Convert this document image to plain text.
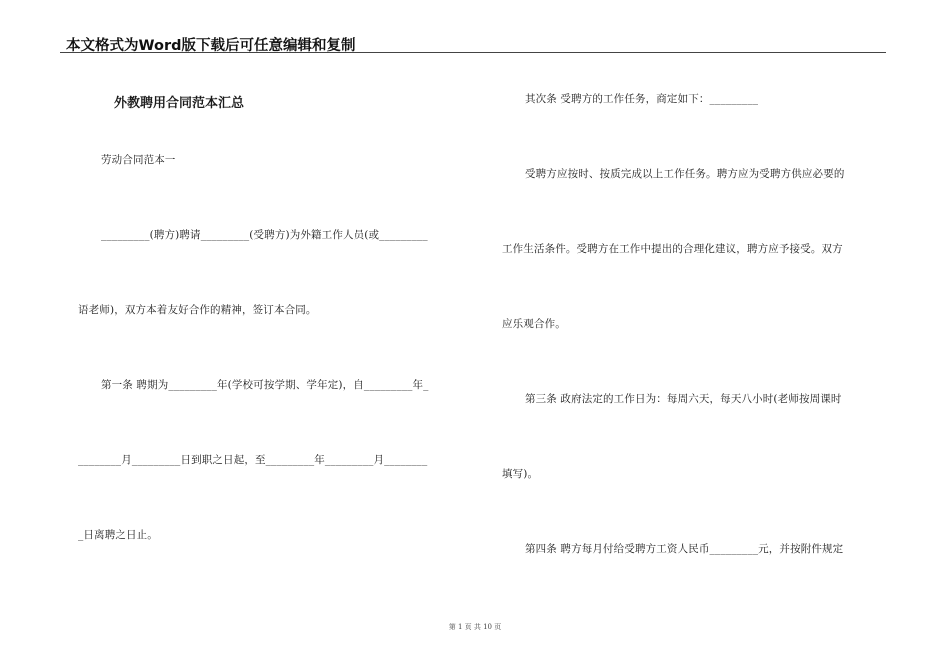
本文格式为Word版下载后可任意编辑和复制
外教聘用合同范本汇总
劳动合同范本一
_________(聘方)聘请_________(受聘方)为外籍工作人员(或_________
语老师)，双方本着友好合作的精神，签订本合同。
第一条 聘期为_________年(学校可按学期、学年定)，自_________年_
________月_________日到职之日起，至_________年_________月________
_日离聘之日止。
其次条 受聘方的工作任务，商定如下：_________
受聘方应按时、按质完成以上工作任务。聘方应为受聘方供应必要的
工作生活条件。受聘方在工作中提出的合理化建议，聘方应予接受。双方
应乐观合作。
第三条 政府法定的工作日为：每周六天，每天八小时(老师按周课时
填写)。
第四条 聘方每月付给受聘方工资人民币_________元，并按附件规定
第 1 页 共 10 页
